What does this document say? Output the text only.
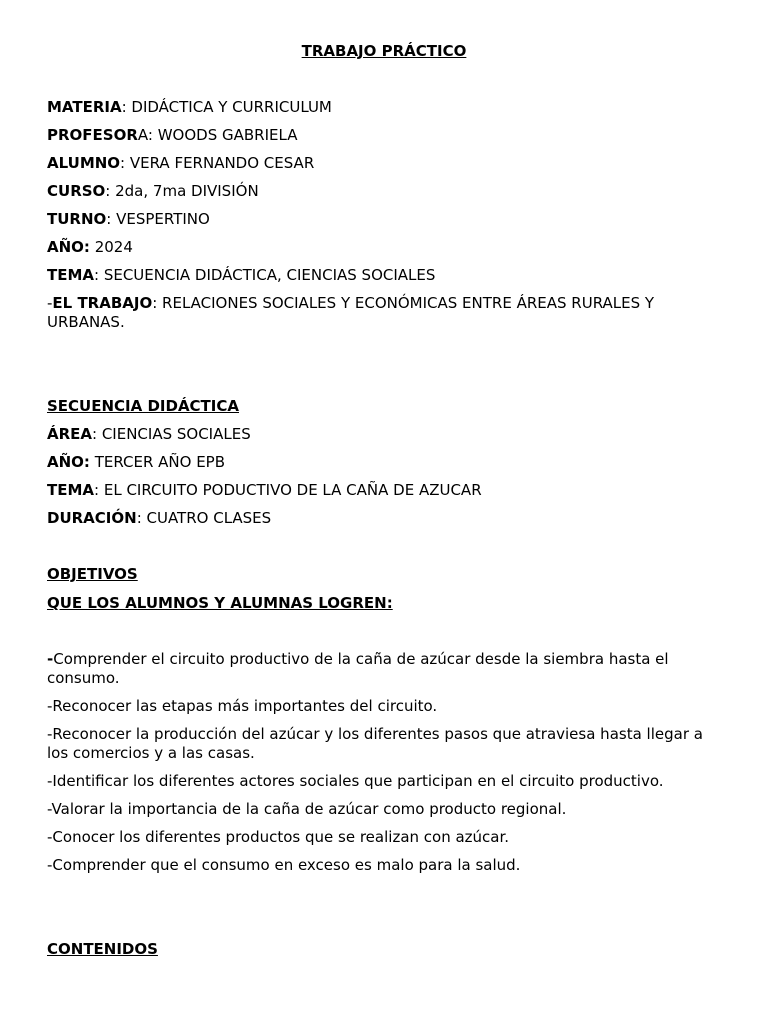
TRABAJO PRÁCTICO

MATERIA: DIDÁCTICA Y CURRICULUM

PROFESORA: WOODS GABRIELA

ALUMNO: VERA FERNANDO CESAR

CURSO: 2da, 7ma DIVISIÓN

TURNO: VESPERTINO

AÑO: 2024

TEMA: SECUENCIA DIDÁCTICA, CIENCIAS SOCIALES

-EL TRABAJO: RELACIONES SOCIALES Y ECONÓMICAS ENTRE ÁREAS RURALES Y URBANAS.

SECUENCIA DIDÁCTICA

ÁREA: CIENCIAS SOCIALES

AÑO: TERCER AÑO EPB

TEMA: EL CIRCUITO PODUCTIVO DE LA CAÑA DE AZUCAR

DURACIÓN: CUATRO CLASES

OBJETIVOS

QUE LOS ALUMNOS Y ALUMNAS LOGREN:

-Comprender el circuito productivo de la caña de azúcar desde la siembra hasta el consumo.

-Reconocer las etapas más importantes del circuito.

-Reconocer la producción del azúcar y los diferentes pasos que atraviesa hasta llegar a los comercios y a las casas.

-Identificar los diferentes actores sociales que participan en el circuito productivo.

-Valorar la importancia de la caña de azúcar como producto regional.

-Conocer los diferentes productos que se realizan con azúcar.

-Comprender que el consumo en exceso es malo para la salud.

CONTENIDOS
